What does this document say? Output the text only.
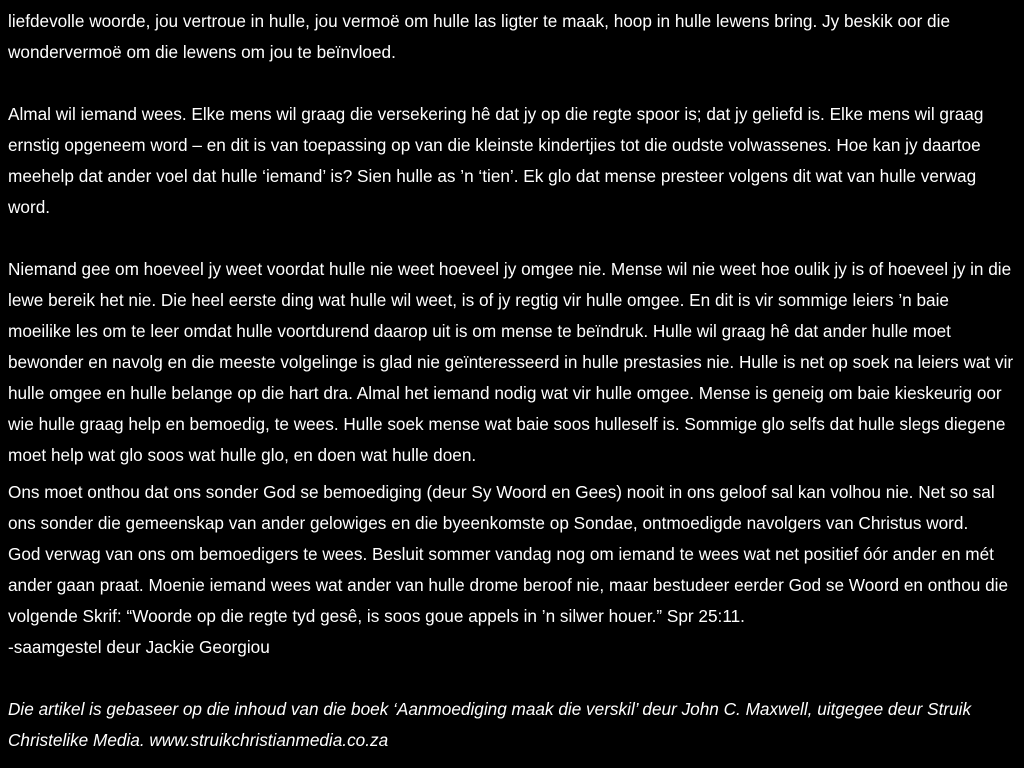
liefdevolle woorde, jou vertroue in hulle, jou vermoë om hulle las ligter te maak, hoop in hulle lewens bring. Jy beskik oor die wondervermoë om die lewens om jou te beïnvloed.

Almal wil iemand wees. Elke mens wil graag die versekering hê dat jy op die regte spoor is; dat jy geliefd is. Elke mens wil graag ernstig opgeneem word – en dit is van toepassing op van die kleinste kindertjies tot die oudste volwassenes. Hoe kan jy daartoe meehelp dat ander voel dat hulle ‘iemand’ is? Sien hulle as ’n ‘tien’. Ek glo dat mense presteer volgens dit wat van hulle verwag word.

Niemand gee om hoeveel jy weet voordat hulle nie weet hoeveel jy omgee nie. Mense wil nie weet hoe oulik jy is of hoeveel jy in die lewe bereik het nie. Die heel eerste ding wat hulle wil weet, is of jy regtig vir hulle omgee. En dit is vir sommige leiers ’n baie moeilike les om te leer omdat hulle voortdurend daarop uit is om mense te beïndruk. Hulle wil graag hê dat ander hulle moet bewonder en navolg en die meeste volgelinge is glad nie geïnteresseerd in hulle prestasies nie. Hulle is net op soek na leiers wat vir hulle omgee en hulle belange op die hart dra. Almal het iemand nodig wat vir hulle omgee. Mense is geneig om baie kieskeurig oor wie hulle graag help en bemoedig, te wees. Hulle soek mense wat baie soos hulleself is. Sommige glo selfs dat hulle slegs diegene moet help wat glo soos wat hulle glo, en doen wat hulle doen.

Ons moet onthou dat ons sonder God se bemoediging (deur Sy Woord en Gees) nooit in ons geloof sal kan volhou nie. Net so sal ons sonder die gemeenskap van ander gelowiges en die byeenkomste op Sondae, ontmoedigde navolgers van Christus word.

God verwag van ons om bemoedigers te wees. Besluit sommer vandag nog om iemand te wees wat net positief óór ander en mét ander gaan praat. Moenie iemand wees wat ander van hulle drome beroof nie, maar bestudeer eerder God se Woord en onthou die volgende Skrif: “Woorde op die regte tyd gesê, is soos goue appels in ’n silwer houer.” Spr 25:11.

-saamgestel deur Jackie Georgiou

Die artikel is gebaseer op die inhoud van die boek ‘Aanmoediging maak die verskil’ deur John C. Maxwell, uitgegee deur Struik Christelike Media. www.struikchristianmedia.co.za
